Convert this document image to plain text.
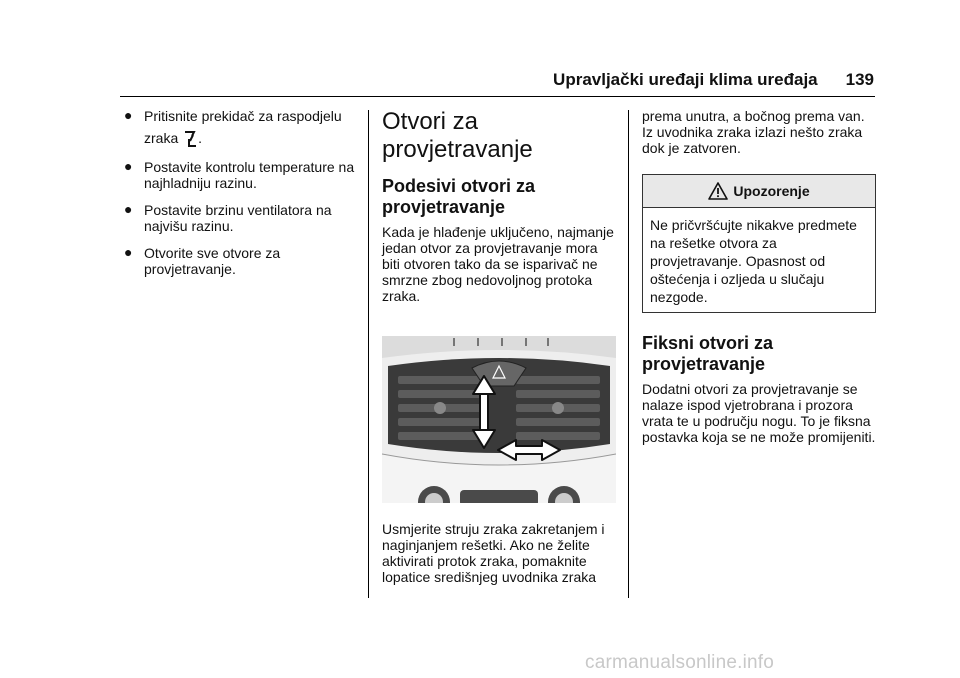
Upravljački uređaji klima uređaja 139
● Pritisnite prekidač za raspodjelu
zraka .
● Postavite kontrolu temperature na najhladniju razinu.
● Postavite brzinu ventilatora na najvišu razinu.
● Otvorite sve otvore za provjetravanje.
Otvori za provjetravanje
Podesivi otvori za provjetravanje

Kada je hlađenje uključeno, najmanje jedan otvor za provjetravanje mora biti otvoren tako da se isparivač ne smrzne zbog nedovoljnog protoka zraka.

Usmjerite struju zraka zakretanjem i naginjanjem rešetki. Ako ne želite aktivirati protok zraka, pomaknite lopatice središnjeg uvodnika zraka

prema unutra, a bočnog prema van. Iz uvodnika zraka izlazi nešto zraka dok je zatvoren.

Upozorenje
Ne pričvršćujte nikakve predmete na rešetke otvora za provjetravanje. Opasnost od oštećenja i ozljeda u slučaju nezgode.
Fiksni otvori za provjetravanje

Dodatni otvori za provjetravanje se nalaze ispod vjetrobrana i prozora vrata te u području nogu. To je fiksna postavka koja se ne može promijeniti.

carmanualsonline.info
